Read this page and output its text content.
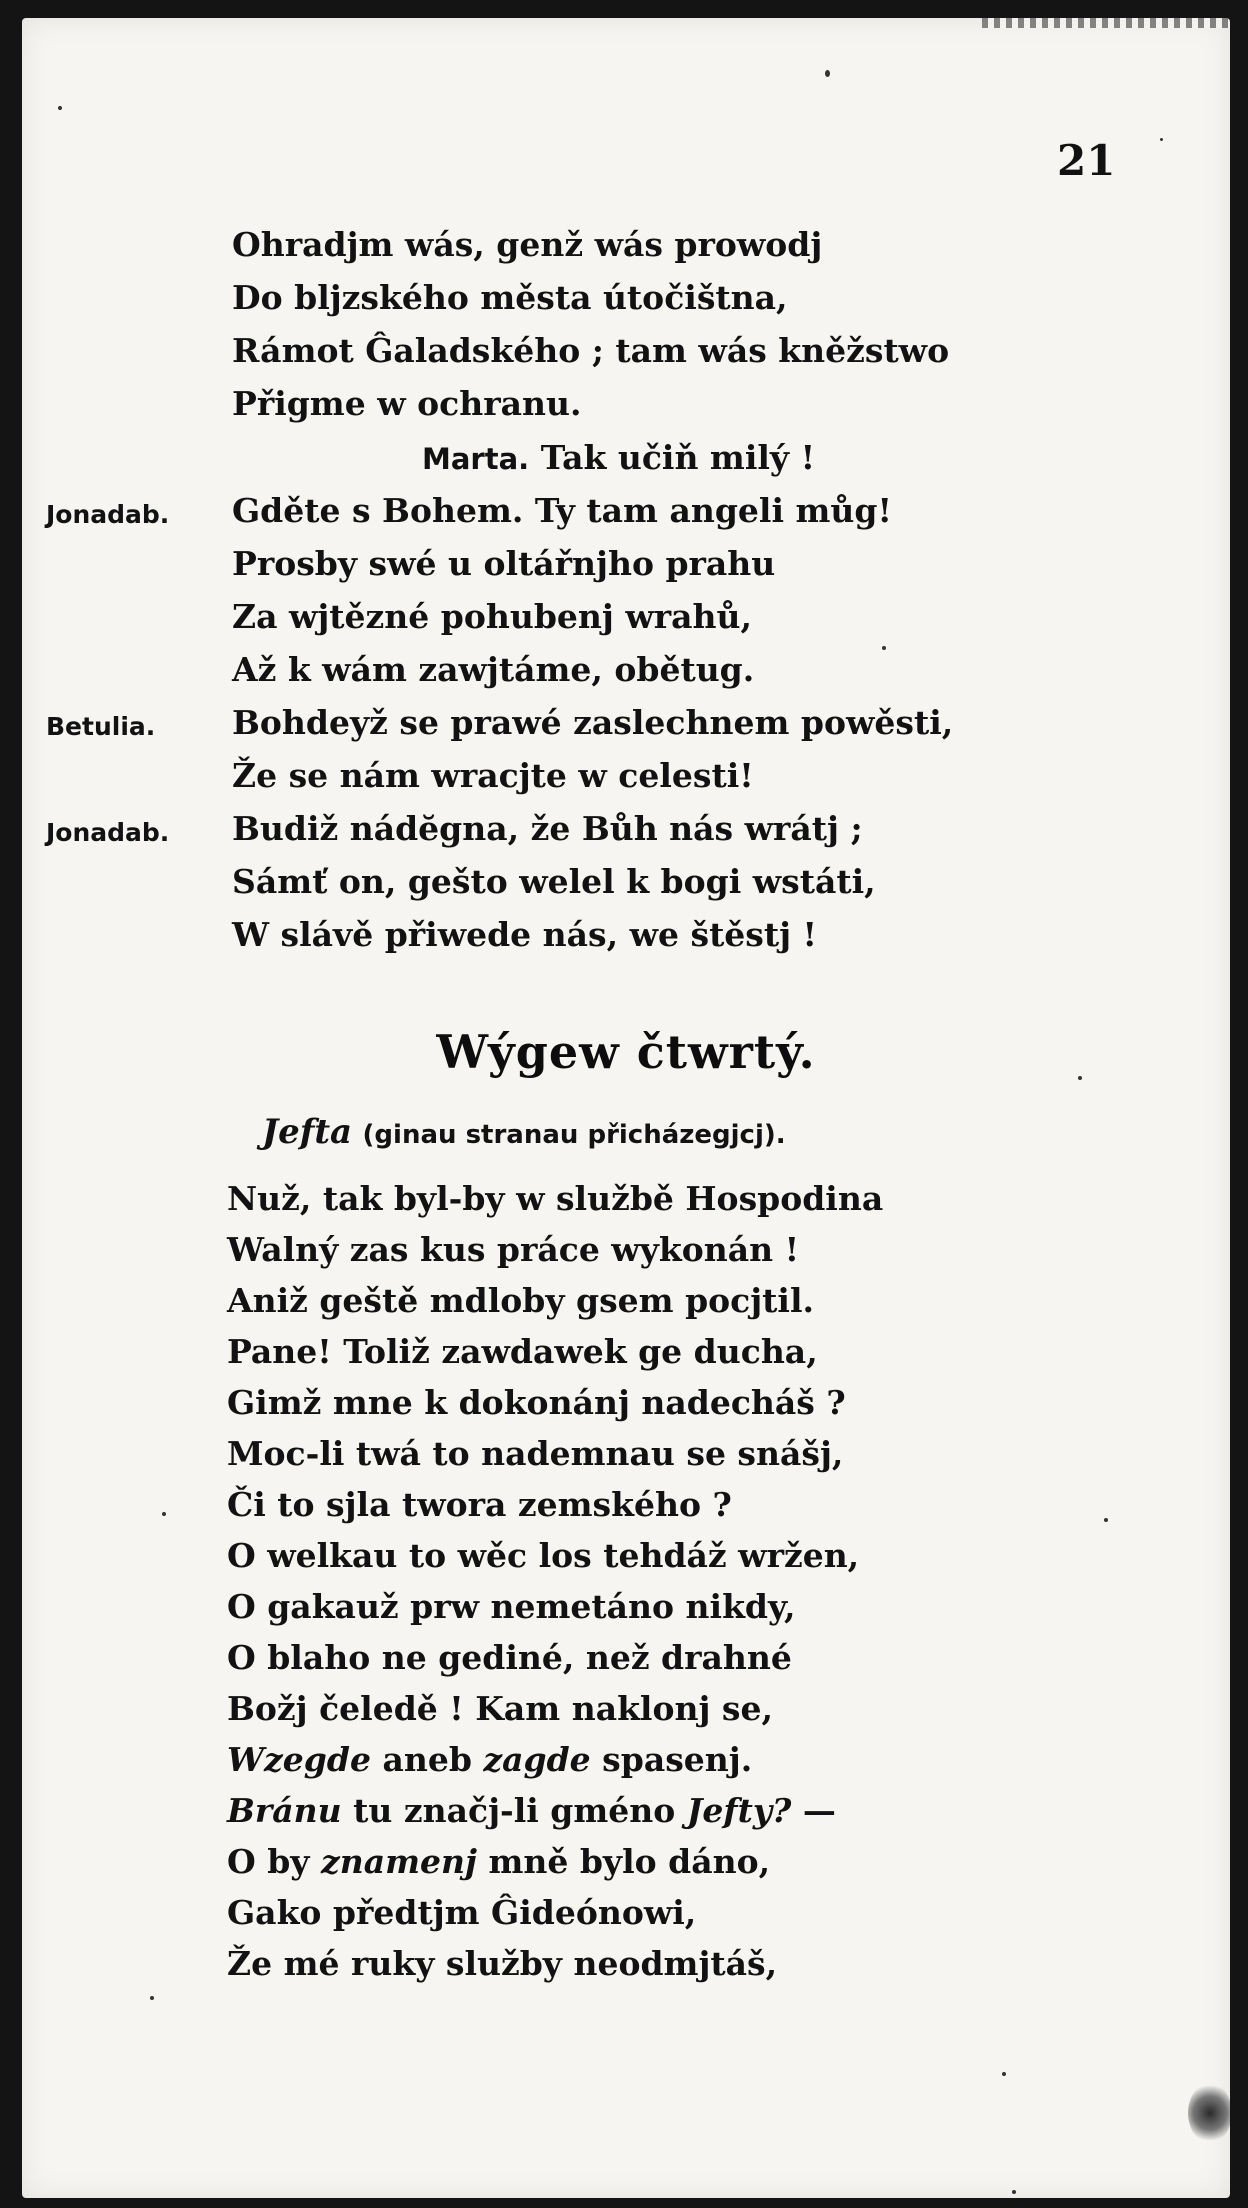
21
Ohradjm wás, genž wás prowodj
Do bljzského města útočištna,
Rámot Ĝaladského ; tam wás kněžstwo
Přigme w ochranu.
Marta. Tak učiň milý !
Jonadab. Gděte s Bohem. Ty tam angeli můg!
Prosby swé u oltářnjho prahu
Za wjtězné pohubenj wrahů,
Až k wám zawjtáme, obětug.
Betulia. Bohdeyž se prawé zaslechnem powěsti,
Že se nám wracjte w celesti!
Jonadab. Budiž nádĕgna, že Bůh nás wrátj ;
Sámť on, gešto welel k bogi wstáti,
W slávě přiwede nás, we štěstj !
Wýgew čtwrtý.
Jefta (ginau stranau přicházegjcj).
Nuž, tak byl-by w službě Hospodina
Walný zas kus práce wykonán !
Aniž geště mdloby gsem pocjtil.
Pane! Toliž zawdawek ge ducha,
Gimž mne k dokonánj nadecháš ?
Moc-li twá to nademnau se snášj,
Či to sjla twora zemského ?
O welkau to wěc los tehdáž wržen,
O gakauž prw nemetáno nikdy,
O blaho ne gediné, než drahné
Božj čeledě ! Kam naklonj se,
Wzegde aneb zagde spasenj.
Bránu tu značj-li gméno Jefty? —
O by znamenj mně bylo dáno,
Gako předtjm Ĝideónowi,
Že mé ruky služby neodmjtáš,
